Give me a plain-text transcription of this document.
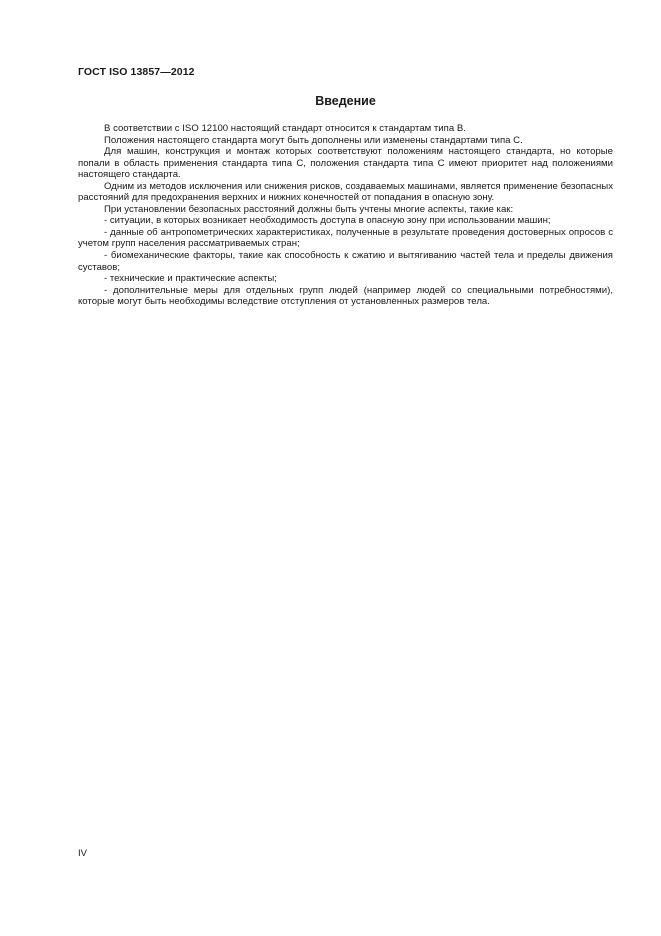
ГОСТ ISO 13857—2012
Введение

В соответствии с ISO 12100 настоящий стандарт относится к стандартам типа В.

Положения настоящего стандарта могут быть дополнены или изменены стандартами типа С.

Для машин, конструкция и монтаж которых соответствуют положениям настоящего стандарта, но которые попали в область применения стандарта типа С, положения стандарта типа С имеют приоритет над положениями настоящего стандарта.

Одним из методов исключения или снижения рисков, создаваемых машинами, является применение безопасных расстояний для предохранения верхних и нижних конечностей от попадания в опасную зону.

При установлении безопасных расстояний должны быть учтены многие аспекты, такие как:

- ситуации, в которых возникает необходимость доступа в опасную зону при использовании машин;

- данные об антропометрических характеристиках, полученные в результате проведения достоверных опросов с учетом групп населения рассматриваемых стран;

- биомеханические факторы, такие как способность к сжатию и вытягиванию частей тела и пределы движения суставов;

- технические и практические аспекты;

- дополнительные меры для отдельных групп людей (например людей со специальными потребностями), которые могут быть необходимы вследствие отступления от установленных размеров тела.

IV
